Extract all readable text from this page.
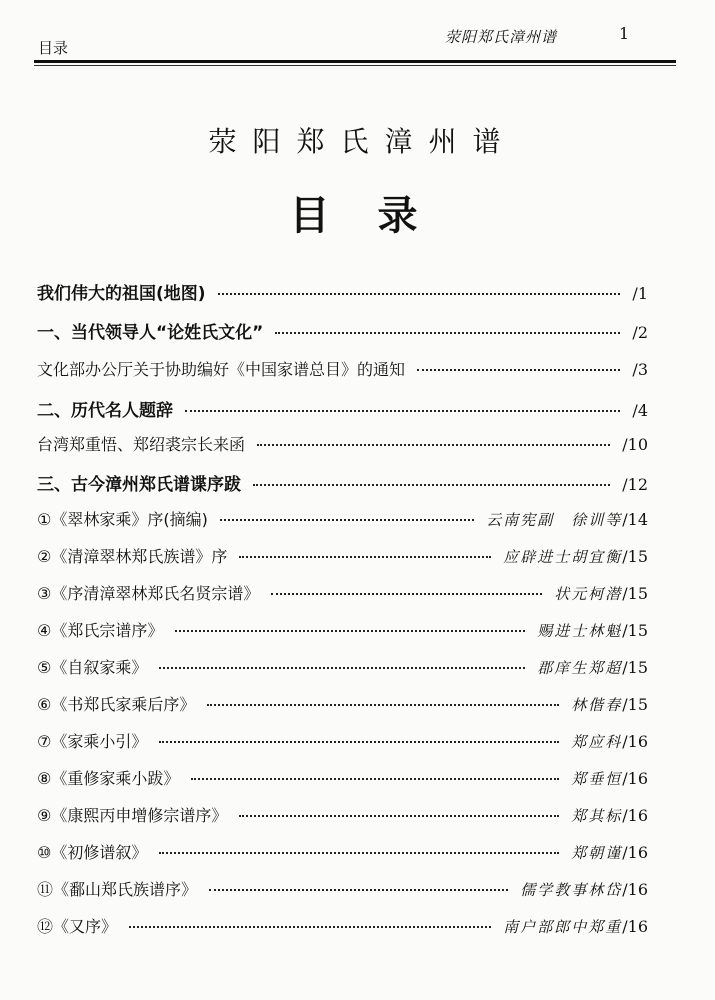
荥阳郑氏漳州谱	1
目录
荥阳郑氏漳州谱
目录
我们伟大的祖国(地图)	/1
一、当代领导人“论姓氏文化”	/2
文化部办公厅关于协助编好《中国家谱总目》的通知	/3
二、历代名人题辞	/4
台湾郑重悟、郑绍裘宗长来函	/10
三、古今漳州郑氏谱谍序跋	/12
①《翠林家乘》序(摘编)	云南宪副　徐训等 /14
②《清漳翠林郑氏族谱》序	应辟进士胡宜衡 /15
③《序清漳翠林郑氏名贤宗谱》	状元柯潜 /15
④《郑氏宗谱序》	赐进士林魁 /15
⑤《自叙家乘》	郡庠生郑超 /15
⑥《书郑氏家乘后序》	林偕春 /15
⑦《家乘小引》	郑应科 /16
⑧《重修家乘小跋》	郑垂恒 /16
⑨《康熙丙申增修宗谱序》	郑其标 /16
⑩《初修谱叙》	郑朝谨 /16
⑪《鄱山郑氏族谱序》	儒学教事林岱 /16
⑫《又序》	南户部郎中郑重 /16
